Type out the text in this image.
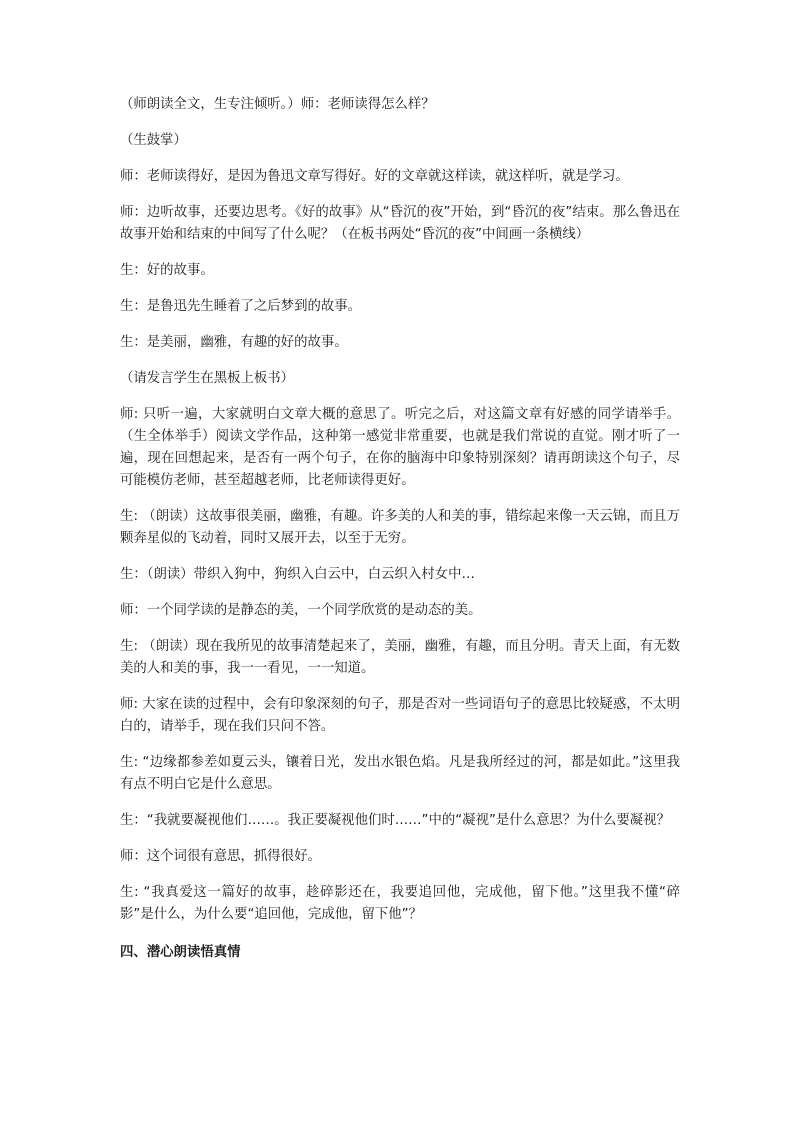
（师朗读全文，生专注倾听。）师：老师读得怎么样？

（生鼓掌）

师：老师读得好，是因为鲁迅文章写得好。好的文章就这样读，就这样听，就是学习。

师：边听故事，还要边思考。《好的故事》从“昏沉的夜”开始，到“昏沉的夜”结束。那么鲁迅在故事开始和结束的中间写了什么呢？（在板书两处“昏沉的夜”中间画一条横线）

生：好的故事。

生：是鲁迅先生睡着了之后梦到的故事。

生：是美丽，幽雅，有趣的好的故事。

（请发言学生在黑板上板书）

师: 只听一遍，大家就明白文章大概的意思了。听完之后，对这篇文章有好感的同学请举手。（生全体举手）阅读文学作品，这种第一感觉非常重要，也就是我们常说的直觉。刚才听了一遍，现在回想起来，是否有一两个句子，在你的脑海中印象特别深刻？请再朗读这个句子，尽可能模仿老师，甚至超越老师，比老师读得更好。

生: （朗读）这故事很美丽，幽雅，有趣。许多美的人和美的事，错综起来像一天云锦，而且万颗奔星似的飞动着，同时又展开去，以至于无穷。

生：（朗读）带织入狗中，狗织入白云中，白云织入村女中…

师：一个同学读的是静态的美，一个同学欣赏的是动态的美。

生: （朗读）现在我所见的故事清楚起来了，美丽，幽雅，有趣，而且分明。青天上面，有无数美的人和美的事，我一一看见，一一知道。

师: 大家在读的过程中，会有印象深刻的句子，那是否对一些词语句子的意思比较疑惑，不太明白的，请举手，现在我们只问不答。

生: “边缘都参差如夏云头，镶着日光，发出水银色焰。凡是我所经过的河，都是如此。”这里我有点不明白它是什么意思。

生：“我就要凝视他们……。我正要凝视他们时……”中的“凝视”是什么意思？为什么要凝视？

师：这个词很有意思，抓得很好。

生: “我真爱这一篇好的故事，趁碎影还在，我要追回他，完成他，留下他。”这里我不懂“碎影”是什么，为什么要“追回他，完成他，留下他”？

四、潜心朗读悟真情
